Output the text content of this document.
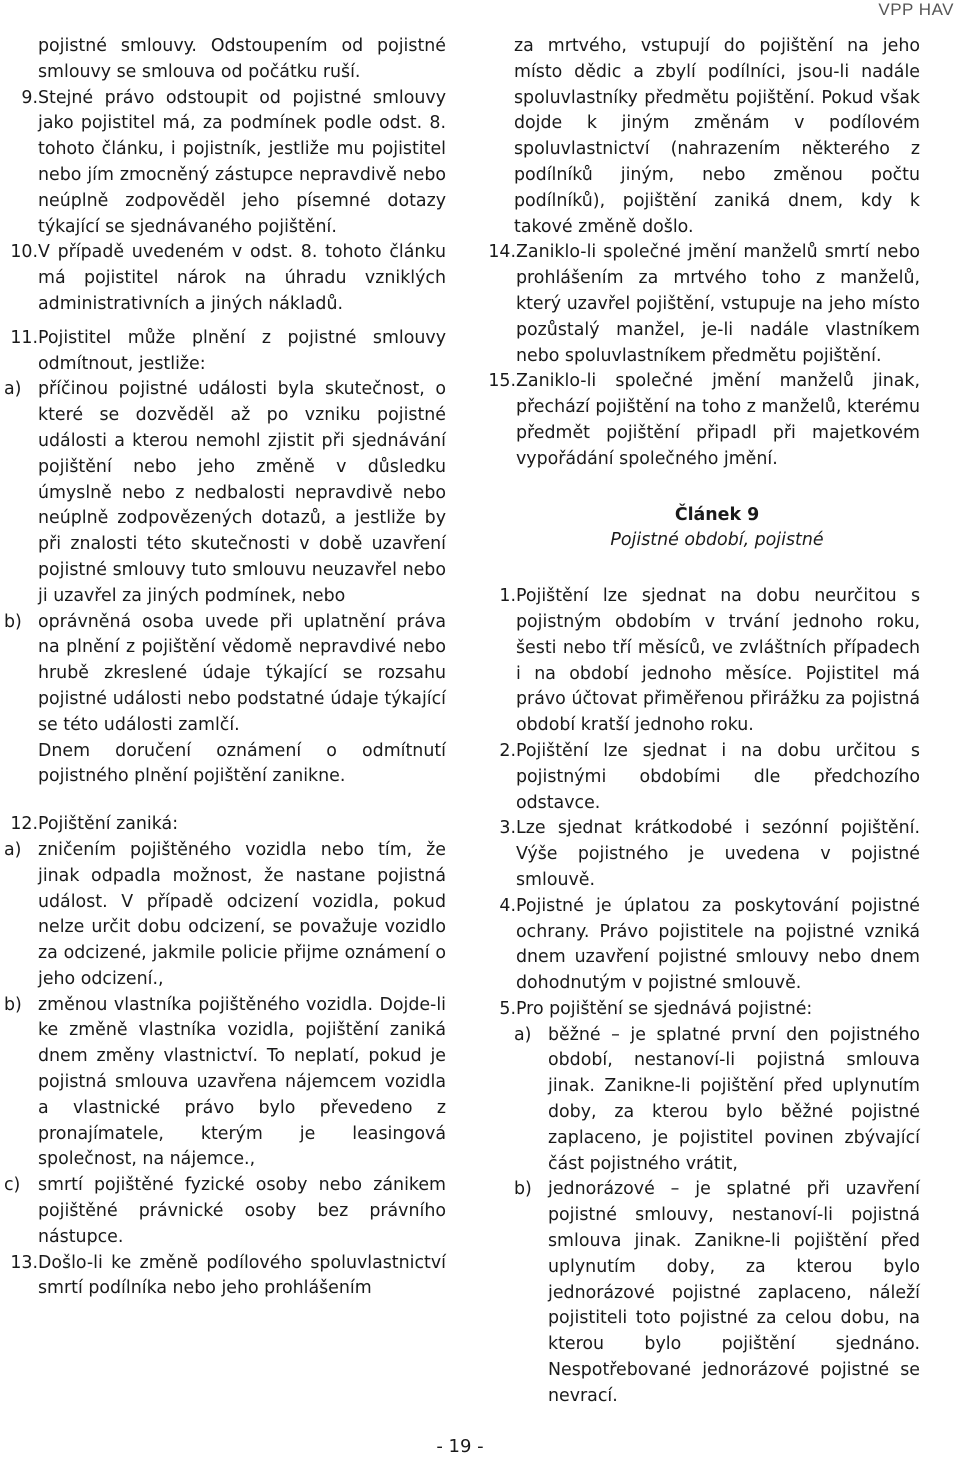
VPP HAV
pojistné smlouvy. Odstoupením od pojistné smlouvy se smlouva od počátku ruší.
9. Stejné právo odstoupit od pojistné smlouvy jako pojistitel má, za podmínek podle odst. 8. tohoto článku, i pojistník, jestliže mu pojistitel nebo jím zmocněný zástupce nepravdivě nebo neúplně zodpověděl jeho písemné dotazy týkající se sjednávaného pojištění.
10. V případě uvedeném v odst. 8. tohoto článku má pojistitel nárok na úhradu vzniklých administrativních a jiných nákladů.
11. Pojistitel může plnění z pojistné smlouvy odmítnout, jestliže:
a) příčinou pojistné události byla skutečnost, o které se dozvěděl až po vzniku pojistné události a kterou nemohl zjistit při sjednávání pojištění nebo jeho změně v důsledku úmyslně nebo z nedbalosti nepravdivě nebo neúplně zodpovězených dotazů, a jestliže by při znalosti této skutečnosti v době uzavření pojistné smlouvy tuto smlouvu neuzavřel nebo ji uzavřel za jiných podmínek, nebo
b) oprávněná osoba uvede při uplatnění práva na plnění z pojištění vědomě nepravdivé nebo hrubě zkreslené údaje týkající se rozsahu pojistné události nebo podstatné údaje týkající se této události zamlčí.
Dnem doručení oznámení o odmítnutí pojistného plnění pojištění zanikne.
12. Pojištění zaniká:
a) zničením pojištěného vozidla nebo tím, že jinak odpadla možnost, že nastane pojistná událost. V případě odcizení vozidla, pokud nelze určit dobu odcizení, se považuje vozidlo za odcizené, jakmile policie přijme oznámení o jeho odcizení.,
b) změnou vlastníka pojištěného vozidla. Dojde-li ke změně vlastníka vozidla, pojištění zaniká dnem změny vlastnictví. To neplatí, pokud je pojistná smlouva uzavřena nájemcem vozidla a vlastnické právo bylo převedeno z pronajímatele, kterým je leasingová společnost, na nájemce.,
c)	smrtí pojištěné fyzické osoby nebo zánikem pojištěné právnické osoby bez právního nástupce.
13. Došlo-li ke změně podílového spoluvlastnictví smrtí podílníka nebo jeho prohlášením
za mrtvého, vstupují do pojištění na jeho místo dědic a zbylí podílníci, jsou-li nadále spoluvlastníky předmětu pojištění. Pokud však dojde k jiným změnám v podílovém spoluvlastnictví (nahrazením některého z podílníků jiným, nebo změnou počtu podílníků), pojištění zaniká dnem, kdy k takové změně došlo.
14. Zaniklo-li společné jmění manželů smrtí nebo prohlášením za mrtvého toho z manželů, který uzavřel pojištění, vstupuje na jeho místo pozůstalý manžel, je-li nadále vlastníkem nebo spoluvlastníkem předmětu pojištění.
15. Zaniklo-li společné jmění manželů jinak, přechází pojištění na toho z manželů, kterému předmět pojištění připadl při majetkovém vypořádání společného jmění.
Článek 9
Pojistné období, pojistné
1. Pojištění lze sjednat na dobu neurčitou s pojistným obdobím v trvání jednoho roku, šesti nebo tří měsíců, ve zvláštních případech i na období jednoho měsíce. Pojistitel má právo účtovat přiměřenou přirážku za pojistná období kratší jednoho roku.
2. Pojištění lze sjednat i na dobu určitou s pojistnými obdobími dle předchozího odstavce.
3. Lze sjednat krátkodobé i sezónní pojištění. Výše pojistného je uvedena v pojistné smlouvě.
4. Pojistné je úplatou za poskytování pojistné ochrany. Právo pojistitele na pojistné vzniká dnem uzavření pojistné smlouvy nebo dnem dohodnutým v pojistné smlouvě.
5. Pro pojištění se sjednává pojistné:
a) běžné – je splatné první den pojistného období, nestanoví-li pojistná smlouva jinak. Zanikne-li pojištění před uplynutím doby, za kterou bylo běžné pojistné zaplaceno, je pojistitel povinen zbývající část pojistného vrátit,
b) jednorázové – je splatné při uzavření pojistné smlouvy, nestanoví-li pojistná smlouva jinak. Zanikne-li pojištění před uplynutím doby, za kterou bylo jednorázové pojistné zaplaceno, náleží pojistiteli toto pojistné za celou dobu, na kterou bylo pojištění sjednáno. Nespotřebované jednorázové pojistné se nevrací.
- 19 -
